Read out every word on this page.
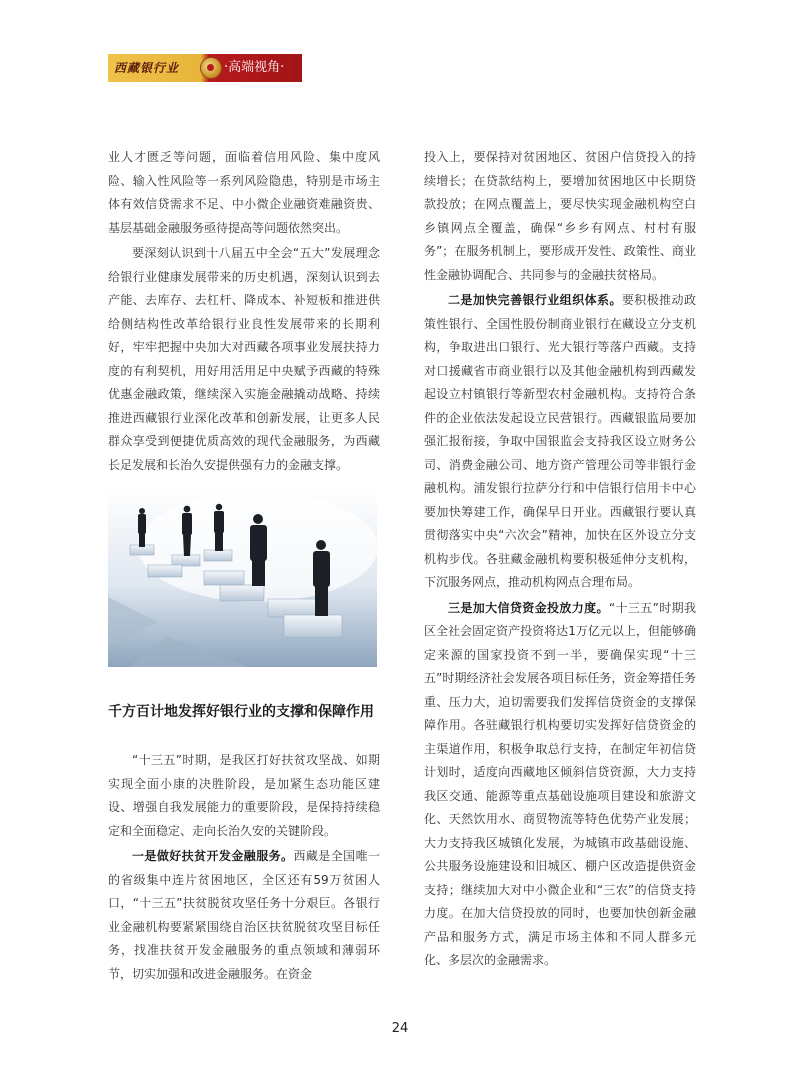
西藏银行业	·高端视角·

业人才匮乏等问题，面临着信用风险、集中度风险、输入性风险等一系列风险隐患，特别是市场主体有效信贷需求不足、中小微企业融资难融资贵、基层基础金融服务亟待提高等问题依然突出。

要深刻认识到十八届五中全会“五大”发展理念给银行业健康发展带来的历史机遇，深刻认识到去产能、去库存、去杠杆、降成本、补短板和推进供给侧结构性改革给银行业良性发展带来的长期利好，牢牢把握中央加大对西藏各项事业发展扶持力度的有利契机，用好用活用足中央赋予西藏的特殊优惠金融政策，继续深入实施金融撬动战略、持续推进西藏银行业深化改革和创新发展，让更多人民群众享受到便捷优质高效的现代金融服务，为西藏长足发展和长治久安提供强有力的金融支撑。

千方百计地发挥好银行业的支撑和保障作用

“十三五”时期，是我区打好扶贫攻坚战、如期实现全面小康的决胜阶段，是加紧生态功能区建设、增强自我发展能力的重要阶段，是保持持续稳定和全面稳定、走向长治久安的关键阶段。

一是做好扶贫开发金融服务。西藏是全国唯一的省级集中连片贫困地区，全区还有59万贫困人口，“十三五”扶贫脱贫攻坚任务十分艰巨。各银行业金融机构要紧紧围绕自治区扶贫脱贫攻坚目标任务，找准扶贫开发金融服务的重点领域和薄弱环节，切实加强和改进金融服务。在资金

投入上，要保持对贫困地区、贫困户信贷投入的持续增长；在贷款结构上，要增加贫困地区中长期贷款投放；在网点覆盖上，要尽快实现金融机构空白乡镇网点全覆盖，确保“乡乡有网点、村村有服务”；在服务机制上，要形成开发性、政策性、商业性金融协调配合、共同参与的金融扶贫格局。

二是加快完善银行业组织体系。要积极推动政策性银行、全国性股份制商业银行在藏设立分支机构，争取进出口银行、光大银行等落户西藏。支持对口援藏省市商业银行以及其他金融机构到西藏发起设立村镇银行等新型农村金融机构。支持符合条件的企业依法发起设立民营银行。西藏银监局要加强汇报衔接，争取中国银监会支持我区设立财务公司、消费金融公司、地方资产管理公司等非银行金融机构。浦发银行拉萨分行和中信银行信用卡中心要加快筹建工作，确保早日开业。西藏银行要认真贯彻落实中央“六次会”精神，加快在区外设立分支机构步伐。各驻藏金融机构要积极延伸分支机构，下沉服务网点，推动机构网点合理布局。

三是加大信贷资金投放力度。“十三五”时期我区全社会固定资产投资将达1万亿元以上，但能够确定来源的国家投资不到一半，要确保实现“十三五”时期经济社会发展各项目标任务，资金筹措任务重、压力大，迫切需要我们发挥信贷资金的支撑保障作用。各驻藏银行机构要切实发挥好信贷资金的主渠道作用，积极争取总行支持，在制定年初信贷计划时，适度向西藏地区倾斜信贷资源，大力支持我区交通、能源等重点基础设施项目建设和旅游文化、天然饮用水、商贸物流等特色优势产业发展；大力支持我区城镇化发展，为城镇市政基础设施、公共服务设施建设和旧城区、棚户区改造提供资金支持；继续加大对中小微企业和“三农”的信贷支持力度。在加大信贷投放的同时，也要加快创新金融产品和服务方式，满足市场主体和不同人群多元化、多层次的金融需求。

24
